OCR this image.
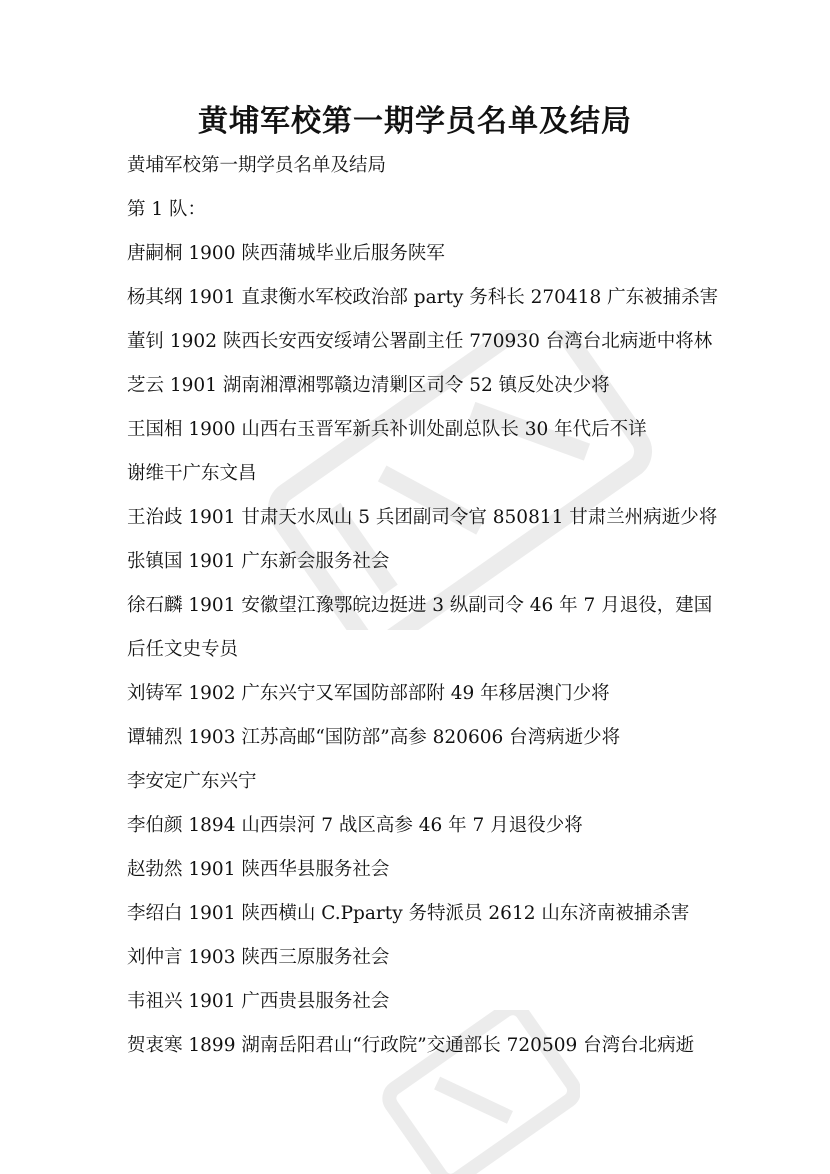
黄埔军校第一期学员名单及结局
黄埔军校第一期学员名单及结局
第 1 队：
唐嗣桐 1900 陕西蒲城毕业后服务陕军
杨其纲 1901 直隶衡水军校政治部 party 务科长 270418 广东被捕杀害
董钊 1902 陕西长安西安绥靖公署副主任 770930 台湾台北病逝中将林
芝云 1901 湖南湘潭湘鄂赣边清剿区司令 52 镇反处决少将
王国相 1900 山西右玉晋军新兵补训处副总队长 30 年代后不详
谢维干广东文昌
王治歧 1901 甘肃天水凤山 5 兵团副司令官 850811 甘肃兰州病逝少将
张镇国 1901 广东新会服务社会
徐石麟 1901 安徽望江豫鄂皖边挺进 3 纵副司令 46 年 7 月退役，建国
后任文史专员
刘铸军 1902 广东兴宁又军国防部部附 49 年移居澳门少将
谭辅烈 1903 江苏高邮“国防部”高参 820606 台湾病逝少将
李安定广东兴宁
李伯颜 1894 山西崇河 7 战区高参 46 年 7 月退役少将
赵勃然 1901 陕西华县服务社会
李绍白 1901 陕西横山 C.Pparty 务特派员 2612 山东济南被捕杀害
刘仲言 1903 陕西三原服务社会
韦祖兴 1901 广西贵县服务社会
贺衷寒 1899 湖南岳阳君山“行政院”交通部长 720509 台湾台北病逝
